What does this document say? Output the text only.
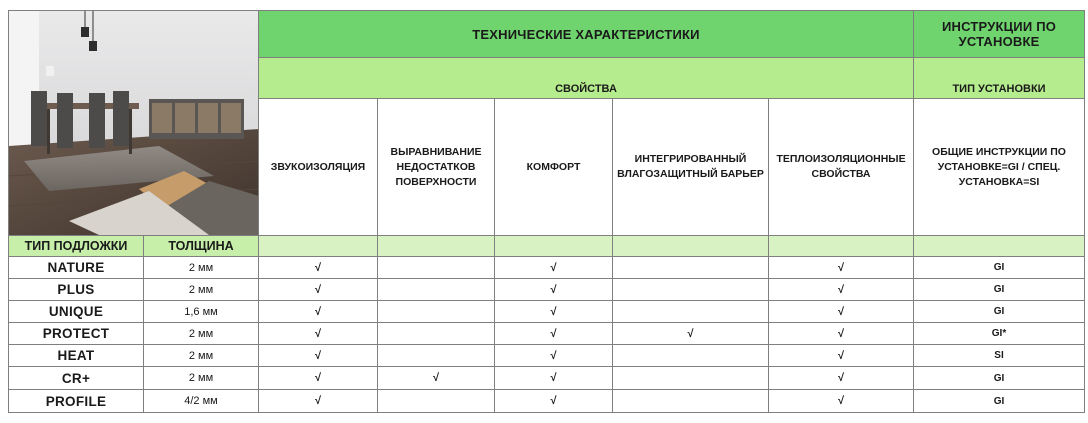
	ТЕХНИЧЕСКИЕ ХАРАКТЕРИСТИКИ					ИНСТРУКЦИИ ПО УСТАНОВКЕ
		СВОЙСТВА					ТИП УСТАНОВКИ
		ЗВУКОИЗОЛЯЦИЯ	ВЫРАВНИВАНИЕ НЕДОСТАТКОВ ПОВЕРХНОСТИ	КОМФОРТ	ИНТЕГРИРОВАННЫЙ ВЛАГОЗАЩИТНЫЙ БАРЬЕР	ТЕПЛОИЗОЛЯЦИОННЫЕ СВОЙСТВА	ОБЩИЕ ИНСТРУКЦИИ ПО УСТАНОВКЕ=GI / СПЕЦ. УСТАНОВКА=SI
ТИП ПОДЛОЖКИ	ТОЛЩИНА						
NATURE	2 мм	√		√		√	GI
PLUS	2 мм	√		√		√	GI
UNIQUE	1,6 мм	√		√		√	GI
PROTECT	2 мм	√		√	√	√	GI*
HEAT	2 мм	√		√		√	SI
CR+	2 мм	√	√	√		√	GI
PROFILE	4/2 мм	√		√		√	GI
